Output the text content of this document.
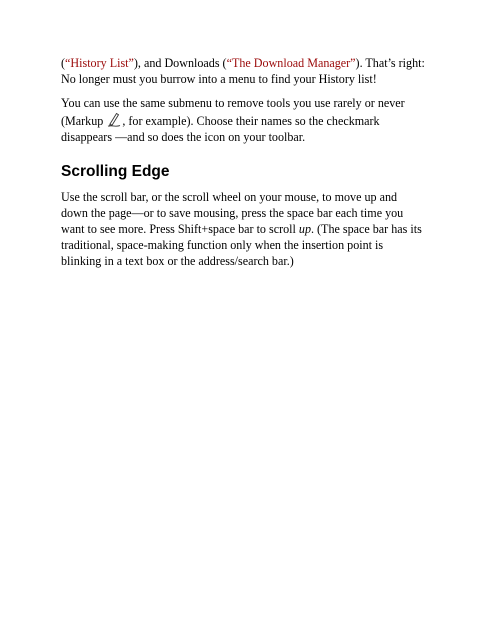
(“History List”), and Downloads (“The Download Manager”). That’s right: No longer must you burrow into a menu to find your History list!

You can use the same submenu to remove tools you use rarely or never (Markup
, for example). Choose their names so the checkmark disappears —and so does the icon on your toolbar.

Scrolling Edge

Use the scroll bar, or the scroll wheel on your mouse, to move up and down the page—or to save mousing, press the space bar each time you want to see more. Press Shift+space bar to scroll up. (The space bar has its traditional, space-making function only when the insertion point is blinking in a text box or the address/search bar.)
